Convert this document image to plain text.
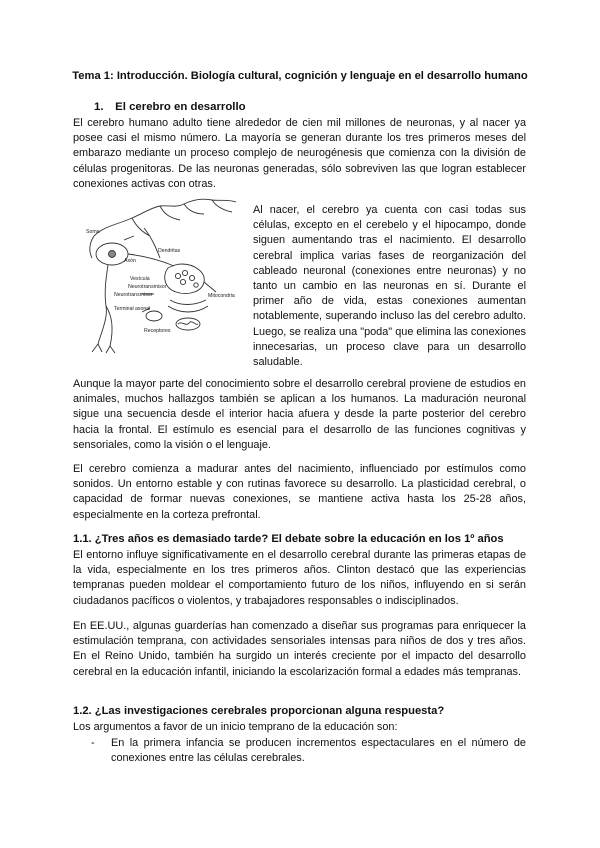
Tema 1: Introducción. Biología cultural, cognición y lenguaje en el desarrollo humano
1. El cerebro en desarrollo

El cerebro humano adulto tiene alrededor de cien mil millones de neuronas, y al nacer ya posee casi el mismo número. La mayoría se generan durante los tres primeros meses del embarazo mediante un proceso complejo de neurogénesis que comienza con la división de células progenitoras. De las neuronas generadas, sólo sobreviven las que logran establecer conexiones activas con otras.

Soma
Dendritas
Axón
Vesícula
Neurotransmisor
Neurotransmisor
Terminal axonal
Mitocondria
Receptores

Al nacer, el cerebro ya cuenta con casi todas sus células, excepto en el cerebelo y el hipocampo, donde siguen aumentando tras el nacimiento. El desarrollo cerebral implica varias fases de reorganización del cableado neuronal (conexiones entre neuronas) y no tanto un cambio en las neuronas en sí. Durante el primer año de vida, estas conexiones aumentan notablemente, superando incluso las del cerebro adulto. Luego, se realiza una "poda" que elimina las conexiones innecesarias, un proceso clave para un desarrollo saludable.

Aunque la mayor parte del conocimiento sobre el desarrollo cerebral proviene de estudios en animales, muchos hallazgos también se aplican a los humanos. La maduración neuronal sigue una secuencia desde el interior hacia afuera y desde la parte posterior del cerebro hacia la frontal. El estímulo es esencial para el desarrollo de las funciones cognitivas y sensoriales, como la visión o el lenguaje.

El cerebro comienza a madurar antes del nacimiento, influenciado por estímulos como sonidos. Un entorno estable y con rutinas favorece su desarrollo. La plasticidad cerebral, o capacidad de formar nuevas conexiones, se mantiene activa hasta los 25-28 años, especialmente en la corteza prefrontal.

1.1. ¿Tres años es demasiado tarde? El debate sobre la educación en los 1º años

El entorno influye significativamente en el desarrollo cerebral durante las primeras etapas de la vida, especialmente en los tres primeros años. Clinton destacó que las experiencias tempranas pueden moldear el comportamiento futuro de los niños, influyendo en si serán ciudadanos pacíficos o violentos, y trabajadores responsables o indisciplinados.

En EE.UU., algunas guarderías han comenzado a diseñar sus programas para enriquecer la estimulación temprana, con actividades sensoriales intensas para niños de dos y tres años. En el Reino Unido, también ha surgido un interés creciente por el impacto del desarrollo cerebral en la educación infantil, iniciando la escolarización formal a edades más tempranas.

1.2. ¿Las investigaciones cerebrales proporcionan alguna respuesta?

Los argumentos a favor de un inicio temprano de la educación son:

- En la primera infancia se producen incrementos espectaculares en el número de conexiones entre las células cerebrales.
